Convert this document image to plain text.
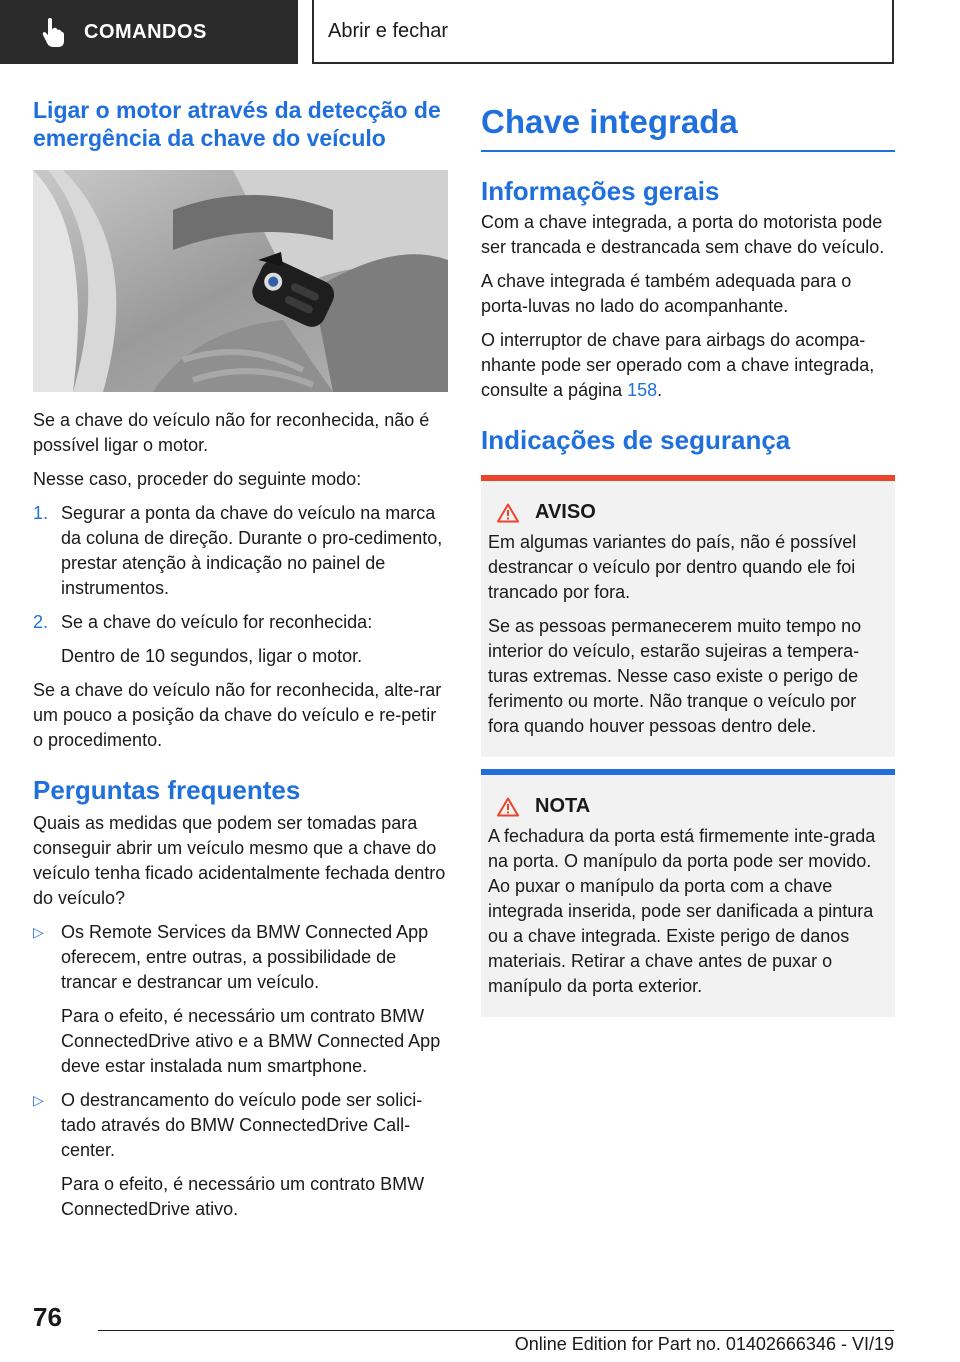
COMANDOS	Abrir e fechar
Ligar o motor através da detecção de emergência da chave do veículo

Se a chave do veículo não for reconhecida, não é possível ligar o motor.

Nesse caso, proceder do seguinte modo:

1. Segurar a ponta da chave do veículo na marca da coluna de direção. Durante o pro‐cedimento, prestar atenção à indicação no painel de instrumentos.

2. Se a chave do veículo for reconhecida:

Dentro de 10 segundos, ligar o motor.

Se a chave do veículo não for reconhecida, alte‐rar um pouco a posição da chave do veículo e re‐petir o procedimento.

Perguntas frequentes

Quais as medidas que podem ser tomadas para conseguir abrir um veículo mesmo que a chave do veículo tenha ficado acidentalmente fechada dentro do veículo?

▷ Os Remote Services da BMW Connected App oferecem, entre outras, a possibilidade de trancar e destrancar um veículo.

Para o efeito, é necessário um contrato BMW ConnectedDrive ativo e a BMW Connected App deve estar instalada num smartphone.

▷ O destrancamento do veículo pode ser solici‐tado através do BMW ConnectedDrive Call‐center.

Para o efeito, é necessário um contrato BMW ConnectedDrive ativo.

Chave integrada
Informações gerais

Com a chave integrada, a porta do motorista pode ser trancada e destrancada sem chave do veículo.

A chave integrada é também adequada para o porta-luvas no lado do acompanhante.

O interruptor de chave para airbags do acompa‐nhante pode ser operado com a chave integrada, consulte a página 158.

Indicações de segurança
AVISO

Em algumas variantes do país, não é possível destrancar o veículo por dentro quando ele foi trancado por fora.

Se as pessoas permanecerem muito tempo no interior do veículo, estarão sujeiras a tempera‐turas extremas. Nesse caso existe o perigo de ferimento ou morte. Não tranque o veículo por fora quando houver pessoas dentro dele.

NOTA

A fechadura da porta está firmemente inte‐grada na porta. O manípulo da porta pode ser movido. Ao puxar o manípulo da porta com a chave integrada inserida, pode ser danificada a pintura ou a chave integrada. Existe perigo de danos materiais. Retirar a chave antes de puxar o manípulo da porta exterior.

76
Online Edition for Part no. 01402666346 - VI/19
